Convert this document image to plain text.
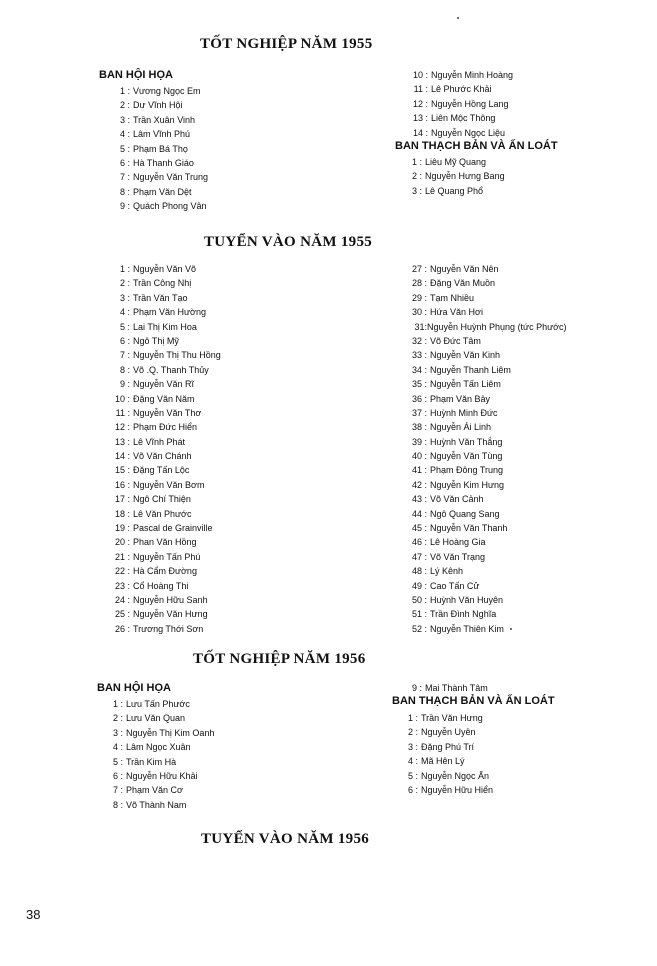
TỐT NGHIỆP NĂM 1955
BAN HỘI HỌA
BAN THẠCH BẢN VÀ ẤN LOÁT
TUYỂN VÀO NĂM 1955
TỐT NGHIỆP NĂM 1956
BAN HỘI HỌA
BAN THẠCH BẢN VÀ ẤN LOÁT
TUYỂN VÀO NĂM 1956
1 : Vương Ngọc Em
2 : Dư Vĩnh Hội
3 : Trần Xuân Vinh
4 : Lâm Vĩnh Phú
5 : Phạm Bá Thọ
6 : Hà Thanh Giáo
7 : Nguyễn Văn Trung
8 : Phạm Văn Dệt
9 : Quách Phong Vân
10 : Nguyễn Minh Hoàng
11 : Lê Phước Khải
12 : Nguyễn Hồng Lang
13 : Liên Mộc Thông
14 : Nguyễn Ngọc Liệu
1 : Liêu Mỹ Quang
2 : Nguyễn Hưng Bang
3 : Lê Quang Phổ
1 : Nguyễn Văn Võ
2 : Trần Công Nhị
3 : Trần Văn Tạo
4 : Phạm Văn Hường
5 : Lai Thị Kim Hoa
6 : Ngô Thị Mỹ
7 : Nguyễn Thị Thu Hồng
8 : Võ .Q. Thanh Thủy
9 : Nguyễn Văn Rĩ
10 : Đặng Văn Năm
11 : Nguyễn Văn Thơ
12 : Phạm Đức Hiển
13 : Lê Vĩnh Phát
14 : Võ Văn Chánh
15 : Đặng Tấn Lộc
16 : Nguyễn Văn Bơm
17 : Ngô Chí Thiện
18 : Lê Văn Phước
19 : Pascal de Grainville
20 : Phan Văn Hồng
21 : Nguyễn Tấn Phú
22 : Hà Cẩm Đường
23 : Cổ Hoàng Thi
24 : Nguyễn Hữu Sanh
25 : Nguyễn Văn Hưng
26 : Trương Thới Sơn
27 : Nguyễn Văn Nên
28 : Đặng Văn Muồn
29 : Tạm Nhiều
30 : Hứa Văn Hơi
31:Nguyễn Huỳnh Phụng (tức Phước)
32 : Võ Đức Tâm
33 : Nguyễn Văn Kinh
34 : Nguyễn Thanh Liêm
35 : Nguyễn Tấn Liêm
36 : Phạm Văn Bảy
37 : Huỳnh Minh Đức
38 : Nguyễn Ái Linh
39 : Huỳnh Văn Thắng
40 : Nguyễn Văn Tùng
41 : Phạm Đông Trung
42 : Nguyễn Kim Hưng
43 : Võ Văn Cảnh
44 : Ngô Quang Sang
45 : Nguyễn Văn Thanh
46 : Lê Hoàng Gia
47 : Võ Văn Trạng
48 : Lý Kênh
49 : Cao Tấn Cử
50 : Huỳnh Văn Huyên
51 : Trần Đình Nghĩa
52 : Nguyễn Thiên Kim
1 : Lưu Tấn Phước
2 : Lưu Văn Quan
3 : Nguyễn Thị Kim Oanh
4 : Lâm Ngọc Xuân
5 : Trần Kim Hà
6 : Nguyễn Hữu Khải
7 : Phạm Văn Cơ
8 : Võ Thành Nam
9 : Mai Thành Tâm
1 : Trần Văn Hưng
2 : Nguyễn Uyên
3 : Đặng Phú Trí
4 : Mã Hên Lý
5 : Nguyễn Ngọc Ấn
6 : Nguyễn Hữu Hiển
38
